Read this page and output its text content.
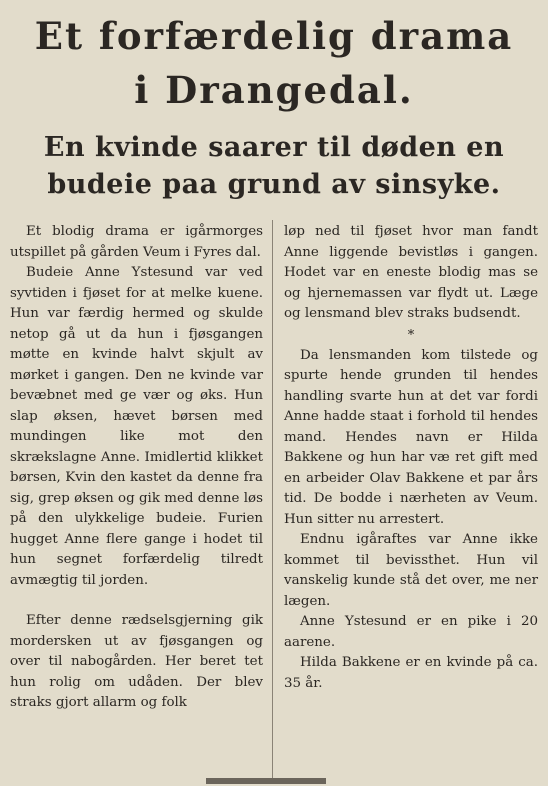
Et forfærdelig drama
i Drangedal.
En kvinde saarer til døden en
budeie paa grund av sinsyke.

Et blodig drama er igårmorges utspillet på gården Veum i Fyres dal.

Budeie Anne Ystesund var ved syvtiden i fjøset for at melke kuene. Hun var færdig hermed og skulde netop gå ut da hun i fjøsgangen møtte en kvinde halvt skjult av mørket i gangen. Den ne kvinde var bevæbnet med ge vær og øks. Hun slap øksen, hævet børsen med mundingen like mot den skrækslagne Anne. Imidlertid klikket børsen, Kvin den kastet da denne fra sig, grep øksen og gik med denne løs på den ulykkelige budeie. Furien hugget Anne flere gange i hodet til hun segnet forfærdelig tilredt avmægtig til jorden.

Efter denne rædselsgjerning gik mordersken ut av fjøsgangen og over til nabogården. Her beret tet hun rolig om udåden. Der blev straks gjort allarm og folk

løp ned til fjøset hvor man fandt Anne liggende bevistløs i gangen. Hodet var en eneste blodig mas se og hjernemassen var flydt ut. Læge og lensmand blev straks budsendt.

*

Da lensmanden kom tilstede og spurte hende grunden til hendes handling svarte hun at det var fordi Anne hadde staat i forhold til hendes mand. Hendes navn er Hilda Bakkene og hun har væ ret gift med en arbeider Olav Bakkene et par års tid. De bodde i nærheten av Veum. Hun sitter nu arrestert.

Endnu igåraftes var Anne ikke kommet til bevissthet. Hun vil vanskelig kunde stå det over, me ner lægen.

Anne Ystesund er en pike i 20 aarene.

Hilda Bakkene er en kvinde på ca. 35 år.
